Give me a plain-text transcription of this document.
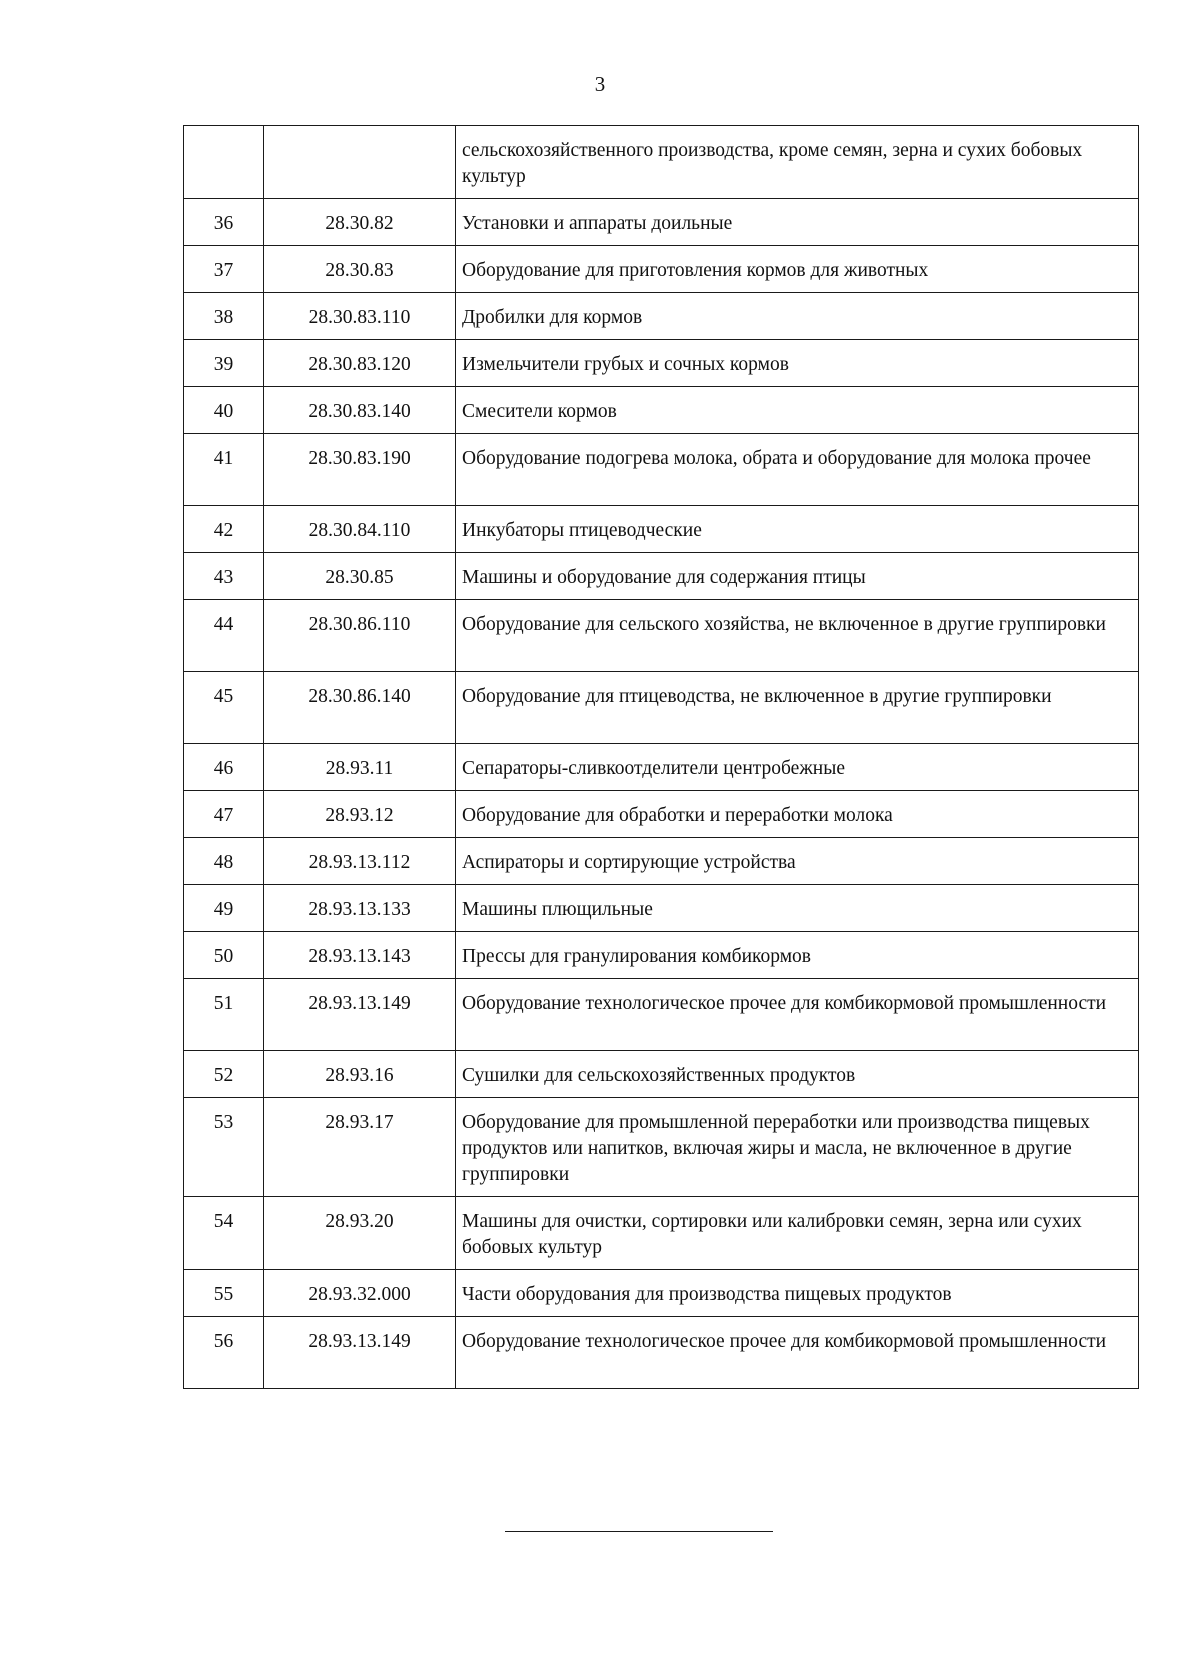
3
		сельскохозяйственного производства, кроме семян, зерна и сухих бобовых культур
36	28.30.82	Установки и аппараты доильные
37	28.30.83	Оборудование для приготовления кормов для животных
38	28.30.83.110	Дробилки для кормов
39	28.30.83.120	Измельчители грубых и сочных кормов
40	28.30.83.140	Смесители кормов
41	28.30.83.190	Оборудование подогрева молока, обрата и оборудование для молока прочее
42	28.30.84.110	Инкубаторы птицеводческие
43	28.30.85	Машины и оборудование для содержания птицы
44	28.30.86.110	Оборудование для сельского хозяйства, не включенное в другие группировки
45	28.30.86.140	Оборудование для птицеводства, не включенное в другие группировки
46	28.93.11	Сепараторы-сливкоотделители центробежные
47	28.93.12	Оборудование для обработки и переработки молока
48	28.93.13.112	Аспираторы и сортирующие устройства
49	28.93.13.133	Машины плющильные
50	28.93.13.143	Прессы для гранулирования комбикормов
51	28.93.13.149	Оборудование технологическое прочее для комбикормовой промышленности
52	28.93.16	Сушилки для сельскохозяйственных продуктов
53	28.93.17	Оборудование для промышленной переработки или производства пищевых продуктов или напитков, включая жиры и масла, не включенное в другие группировки
54	28.93.20	Машины для очистки, сортировки или калибровки семян, зерна или сухих бобовых культур
55	28.93.32.000	Части оборудования для производства пищевых продуктов
56	28.93.13.149	Оборудование технологическое прочее для комбикормовой промышленности
